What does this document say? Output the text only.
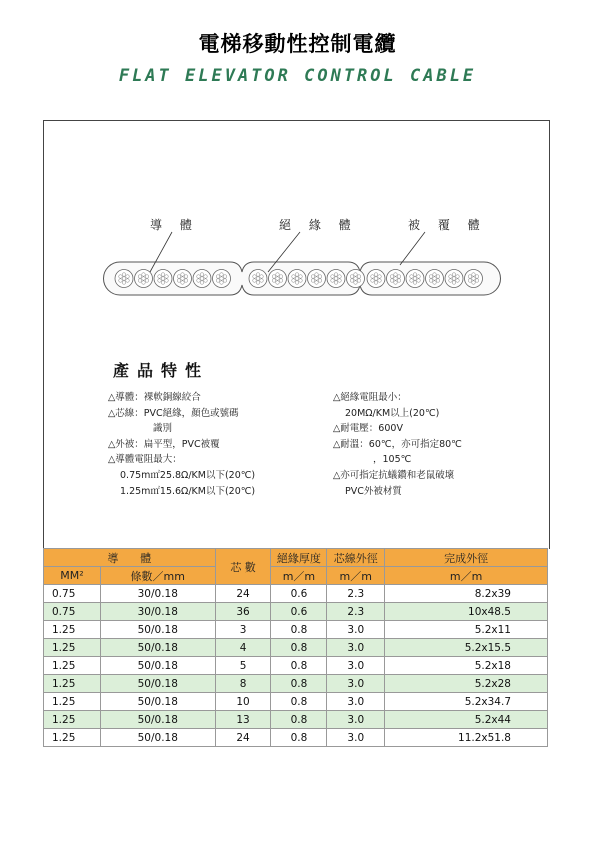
電梯移動性控制電纜
FLAT ELEVATOR CONTROL CABLE
導 體	絕 緣 體	被 覆 體
產品特性
△導體：裸軟銅線絞合
△芯線：PVC絕緣，顏色或號碼
識別
△外被：扁平型，PVC被覆
△導體電阻最大：
0.75m㎡25.8Ω/KM以下(20℃)
1.25m㎡15.6Ω/KM以下(20℃)
△絕緣電阻最小：
20MΩ/KM以上(20℃)
△耐電壓：600V
△耐溫：60℃，亦可指定80℃
，105℃
△亦可指定抗蟻鑽和老鼠破壞
PVC外被材質
導　　體		芯 數	絕緣厚度	芯線外徑	完成外徑
MM²	條數／mm		m／m	m／m	m／m
0.75	30/0.18	24	0.6	2.3	8.2x39
0.75	30/0.18	36	0.6	2.3	10x48.5
1.25	50/0.18	3	0.8	3.0	5.2x11
1.25	50/0.18	4	0.8	3.0	5.2x15.5
1.25	50/0.18	5	0.8	3.0	5.2x18
1.25	50/0.18	8	0.8	3.0	5.2x28
1.25	50/0.18	10	0.8	3.0	5.2x34.7
1.25	50/0.18	13	0.8	3.0	5.2x44
1.25	50/0.18	24	0.8	3.0	11.2x51.8
